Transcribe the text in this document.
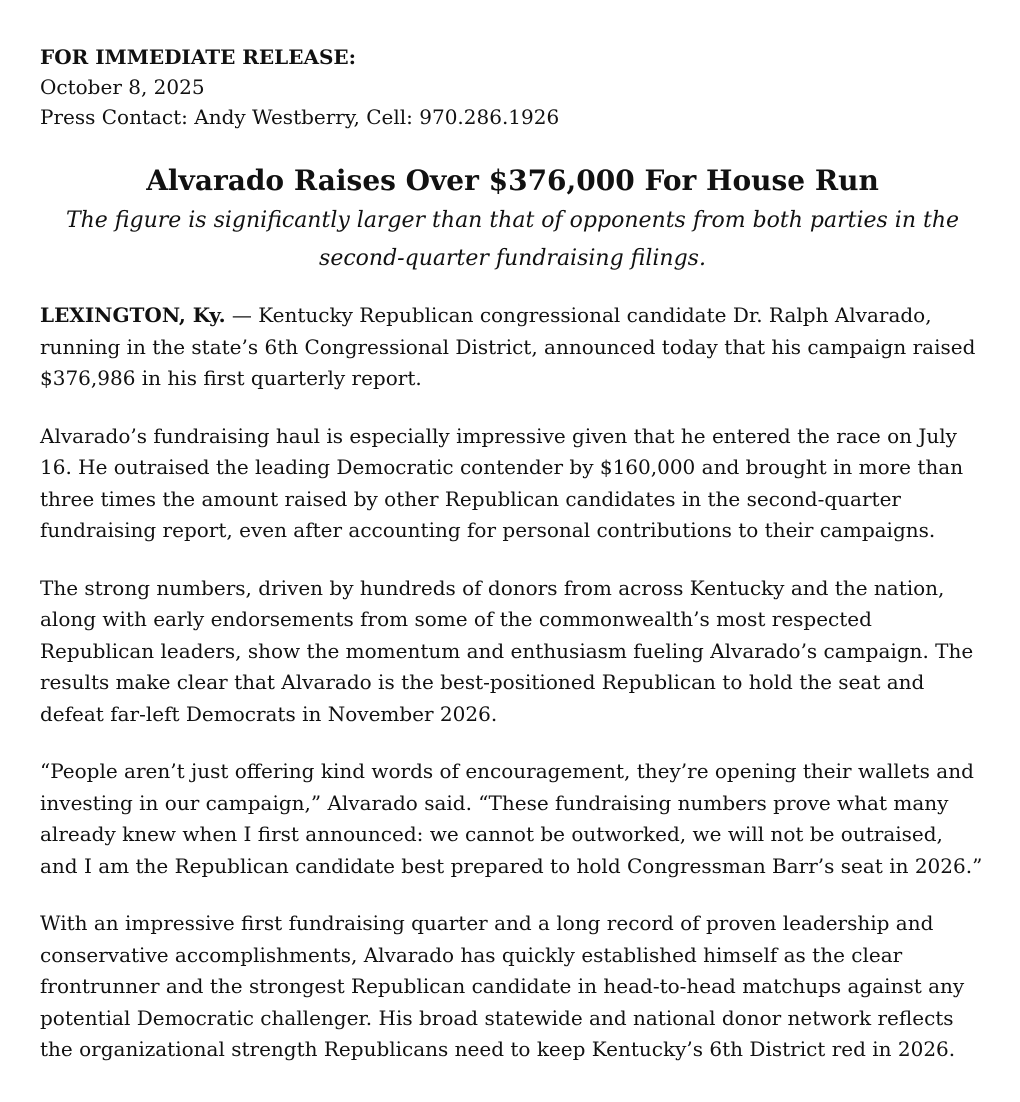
FOR IMMEDIATE RELEASE:
October 8, 2025
Press Contact: Andy Westberry, Cell: 970.286.1926
Alvarado Raises Over $376,000 For House Run

The figure is significantly larger than that of opponents from both parties in the second-quarter fundraising filings.

LEXINGTON, Ky. — Kentucky Republican congressional candidate Dr. Ralph Alvarado, running in the state’s 6th Congressional District, announced today that his campaign raised $376,986 in his first quarterly report.

Alvarado’s fundraising haul is especially impressive given that he entered the race on July 16. He outraised the leading Democratic contender by $160,000 and brought in more than three times the amount raised by other Republican candidates in the second-quarter fundraising report, even after accounting for personal contributions to their campaigns.

The strong numbers, driven by hundreds of donors from across Kentucky and the nation, along with early endorsements from some of the commonwealth’s most respected Republican leaders, show the momentum and enthusiasm fueling Alvarado’s campaign. The results make clear that Alvarado is the best-positioned Republican to hold the seat and defeat far-left Democrats in November 2026.

“People aren’t just offering kind words of encouragement, they’re opening their wallets and investing in our campaign,” Alvarado said. “These fundraising numbers prove what many already knew when I first announced: we cannot be outworked, we will not be outraised, and I am the Republican candidate best prepared to hold Congressman Barr’s seat in 2026.”

With an impressive first fundraising quarter and a long record of proven leadership and conservative accomplishments, Alvarado has quickly established himself as the clear frontrunner and the strongest Republican candidate in head-to-head matchups against any potential Democratic challenger. His broad statewide and national donor network reflects the organizational strength Republicans need to keep Kentucky’s 6th District red in 2026.
